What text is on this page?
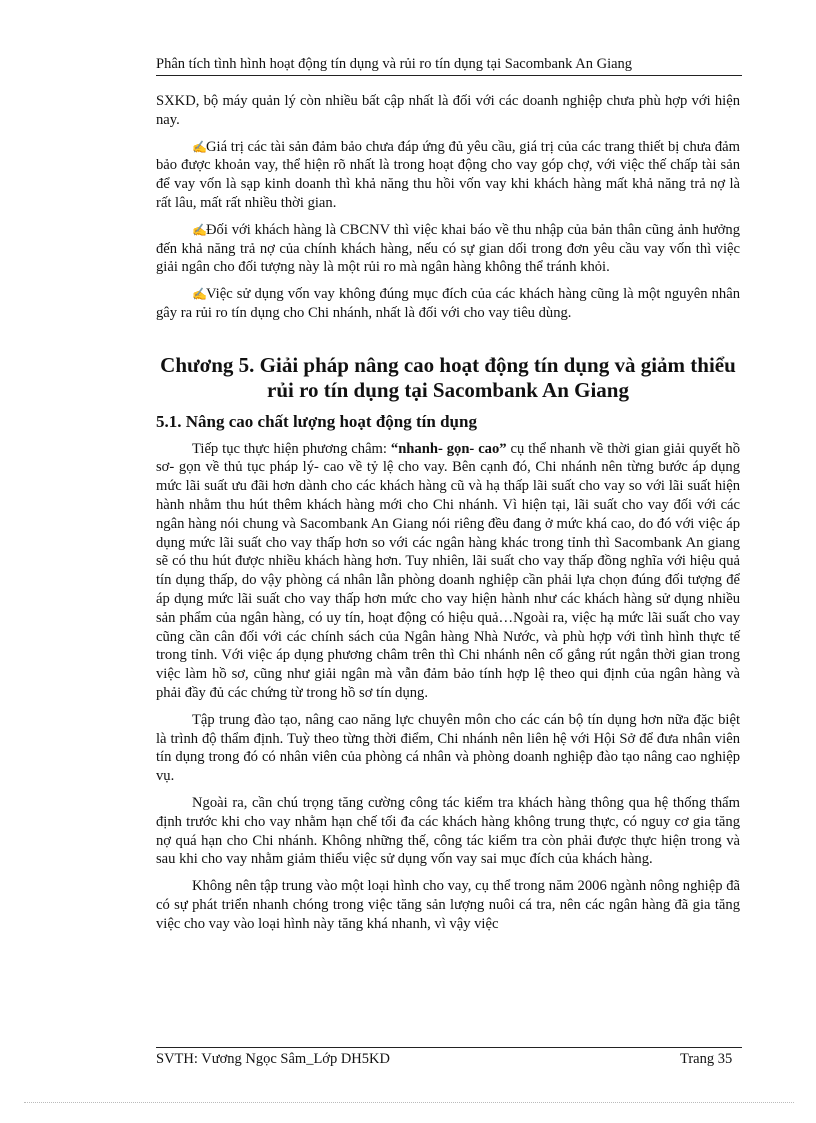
Phân tích tình hình hoạt động tín dụng và rủi ro tín dụng tại Sacombank An Giang

SXKD, bộ máy quản lý còn nhiều bất cập nhất là đối với các doanh nghiệp chưa phù hợp với hiện nay.

✍Giá trị các tài sản đảm bảo chưa đáp ứng đủ yêu cầu, giá trị của các trang thiết bị chưa đảm bảo được khoản vay, thể hiện rõ nhất là trong hoạt động cho vay góp chợ, với việc thế chấp tài sản để vay vốn là sạp kinh doanh thì khả năng thu hồi vốn vay khi khách hàng mất khả năng trả nợ là rất lâu, mất rất nhiều thời gian.

✍Đối với khách hàng là CBCNV thì việc khai báo về thu nhập của bản thân cũng ảnh hưởng đến khả năng trả nợ của chính khách hàng, nếu có sự gian dối trong đơn yêu cầu vay vốn thì việc giải ngân cho đối tượng này là một rủi ro mà ngân hàng không thể tránh khỏi.

✍Việc sử dụng vốn vay không đúng mục đích của các khách hàng cũng là một nguyên nhân gây ra rủi ro tín dụng cho Chi nhánh, nhất là đối với cho vay tiêu dùng.

Chương 5. Giải pháp nâng cao hoạt động tín dụng và giảm thiểu rủi ro tín dụng tại Sacombank An Giang
5.1. Nâng cao chất lượng hoạt động tín dụng

Tiếp tục thực hiện phương châm: “nhanh- gọn- cao” cụ thể nhanh về thời gian giải quyết hồ sơ- gọn về thủ tục pháp lý- cao về tỷ lệ cho vay. Bên cạnh đó, Chi nhánh nên từng bước áp dụng mức lãi suất ưu đãi hơn dành cho các khách hàng cũ và hạ thấp lãi suất cho vay so với lãi suất hiện hành nhằm thu hút thêm khách hàng mới cho Chi nhánh. Vì hiện tại, lãi suất cho vay đối với các ngân hàng nói chung và Sacombank An Giang nói riêng đều đang ở mức khá cao, do đó với việc áp dụng mức lãi suất cho vay thấp hơn so với các ngân hàng khác trong tỉnh thì Sacombank An giang sẽ có thu hút được nhiều khách hàng hơn. Tuy nhiên, lãi suất cho vay thấp đồng nghĩa với hiệu quả tín dụng thấp, do vậy phòng cá nhân lẫn phòng doanh nghiệp cần phải lựa chọn đúng đối tượng để áp dụng mức lãi suất cho vay thấp hơn mức cho vay hiện hành như các khách hàng sử dụng nhiều sản phẩm của ngân hàng, có uy tín, hoạt động có hiệu quả…Ngoài ra, việc hạ mức lãi suất cho vay cũng cần cân đối với các chính sách của Ngân hàng Nhà Nước, và phù hợp với tình hình thực tế trong tỉnh. Với việc áp dụng phương châm trên thì Chi nhánh nên cố gắng rút ngắn thời gian trong việc làm hồ sơ, cũng như giải ngân mà vẫn đảm bảo tính hợp lệ theo qui định của ngân hàng và phải đầy đủ các chứng từ trong hồ sơ tín dụng.

Tập trung đào tạo, nâng cao năng lực chuyên môn cho các cán bộ tín dụng hơn nữa đặc biệt là trình độ thẩm định. Tuỳ theo từng thời điểm, Chi nhánh nên liên hệ với Hội Sở để đưa nhân viên tín dụng trong đó có nhân viên của phòng cá nhân và phòng doanh nghiệp đào tạo nâng cao nghiệp vụ.

Ngoài ra, cần chú trọng tăng cường công tác kiểm tra khách hàng thông qua hệ thống thẩm định trước khi cho vay nhằm hạn chế tối đa các khách hàng không trung thực, có nguy cơ gia tăng nợ quá hạn cho Chi nhánh. Không những thế, công tác kiểm tra còn phải được thực hiện trong và sau khi cho vay nhằm giảm thiểu việc sử dụng vốn vay sai mục đích của khách hàng.

Không nên tập trung vào một loại hình cho vay, cụ thể trong năm 2006 ngành nông nghiệp đã có sự phát triển nhanh chóng trong việc tăng sản lượng nuôi cá tra, nên các ngân hàng đã gia tăng việc cho vay vào loại hình này tăng khá nhanh, vì vậy việc

SVTH: Vương Ngọc Sâm_Lớp DH5KD	Trang 35
